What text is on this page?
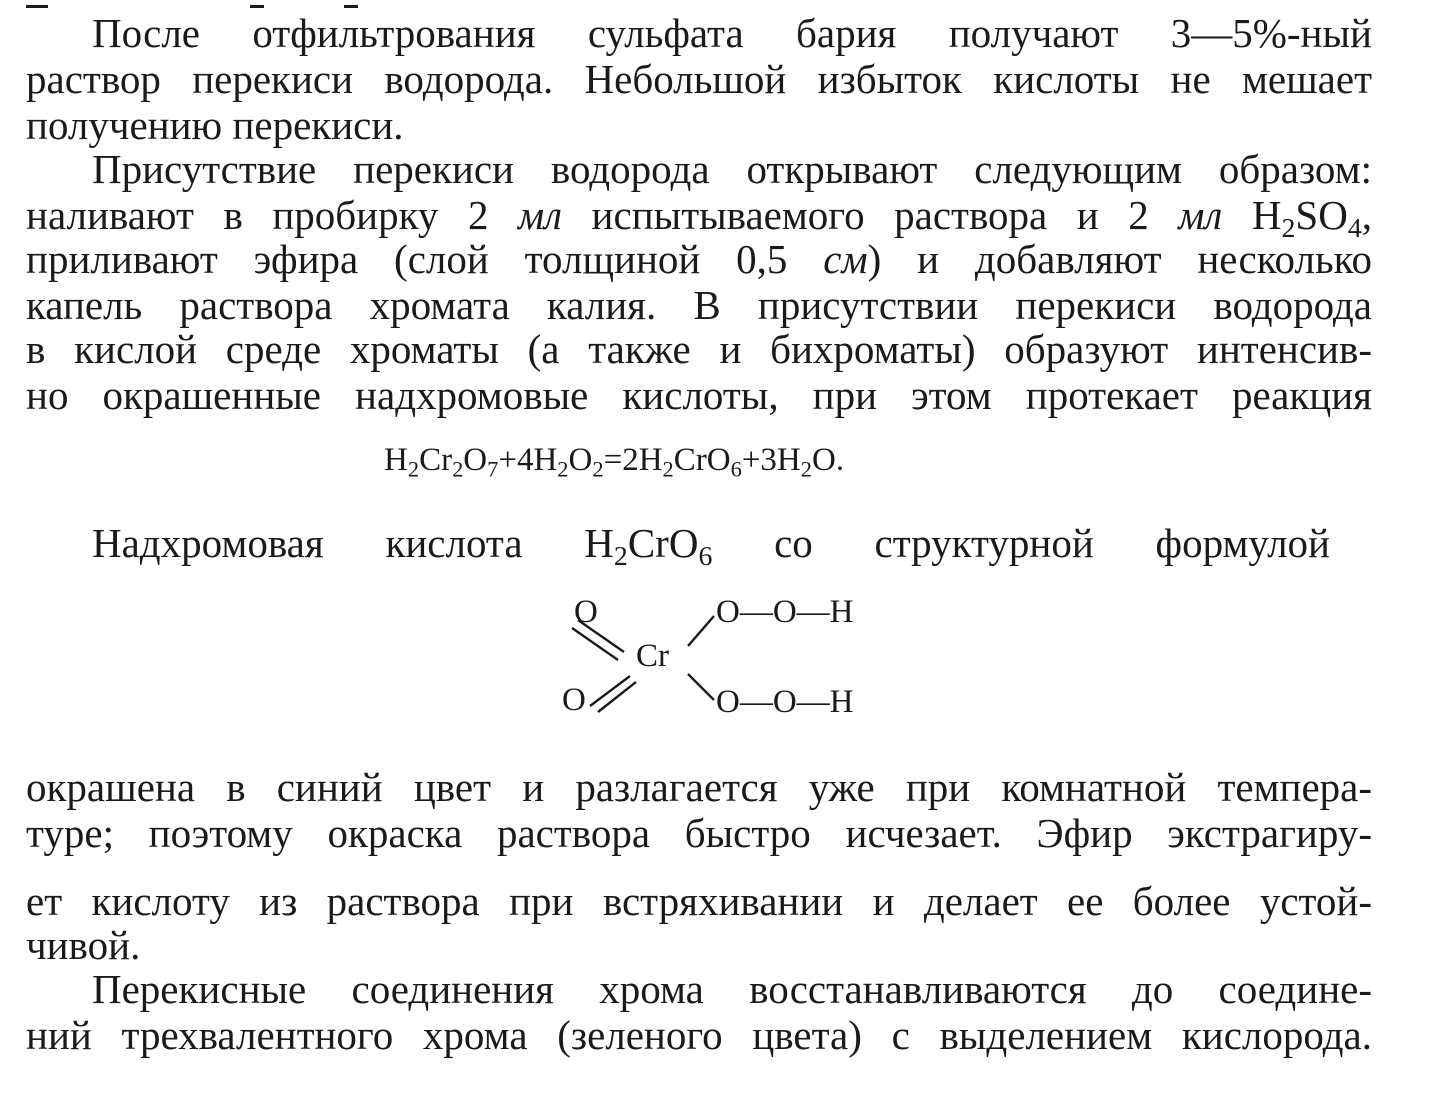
После отфильтрования сульфата бария получают 3—5%-ный
раствор перекиси водорода. Небольшой избыток кислоты не мешает
получению перекиси.
Присутствие перекиси водорода открывают следующим образом:
наливают в пробирку 2 мл испытываемого раствора и 2 мл $H_2SO_4$,
приливают эфира (слой толщиной 0,5 см) и добавляют несколько
капель раствора хромата калия. В присутствии перекиси водорода
в кислой среде хроматы (а также и бихроматы) образуют интенсив-
но окрашенные надхромовые кислоты, при этом протекает реакция
$H_2Cr_2O_7+4H_2O_2=2H_2CrO_6+3H_2O$.
Надхромовая кислота $H_2CrO_6$ со структурной формулой
O
O
Cr
O—O—H
O—O—H
окрашена в синий цвет и разлагается уже при комнатной темпера-
туре; поэтому окраска раствора быстро исчезает. Эфир экстрагиру-
ет кислоту из раствора при встряхивании и делает ее более устой-
чивой.
Перекисные соединения хрома восстанавливаются до соедине-
ний трехвалентного хрома (зеленого цвета) с выделением кислорода.
